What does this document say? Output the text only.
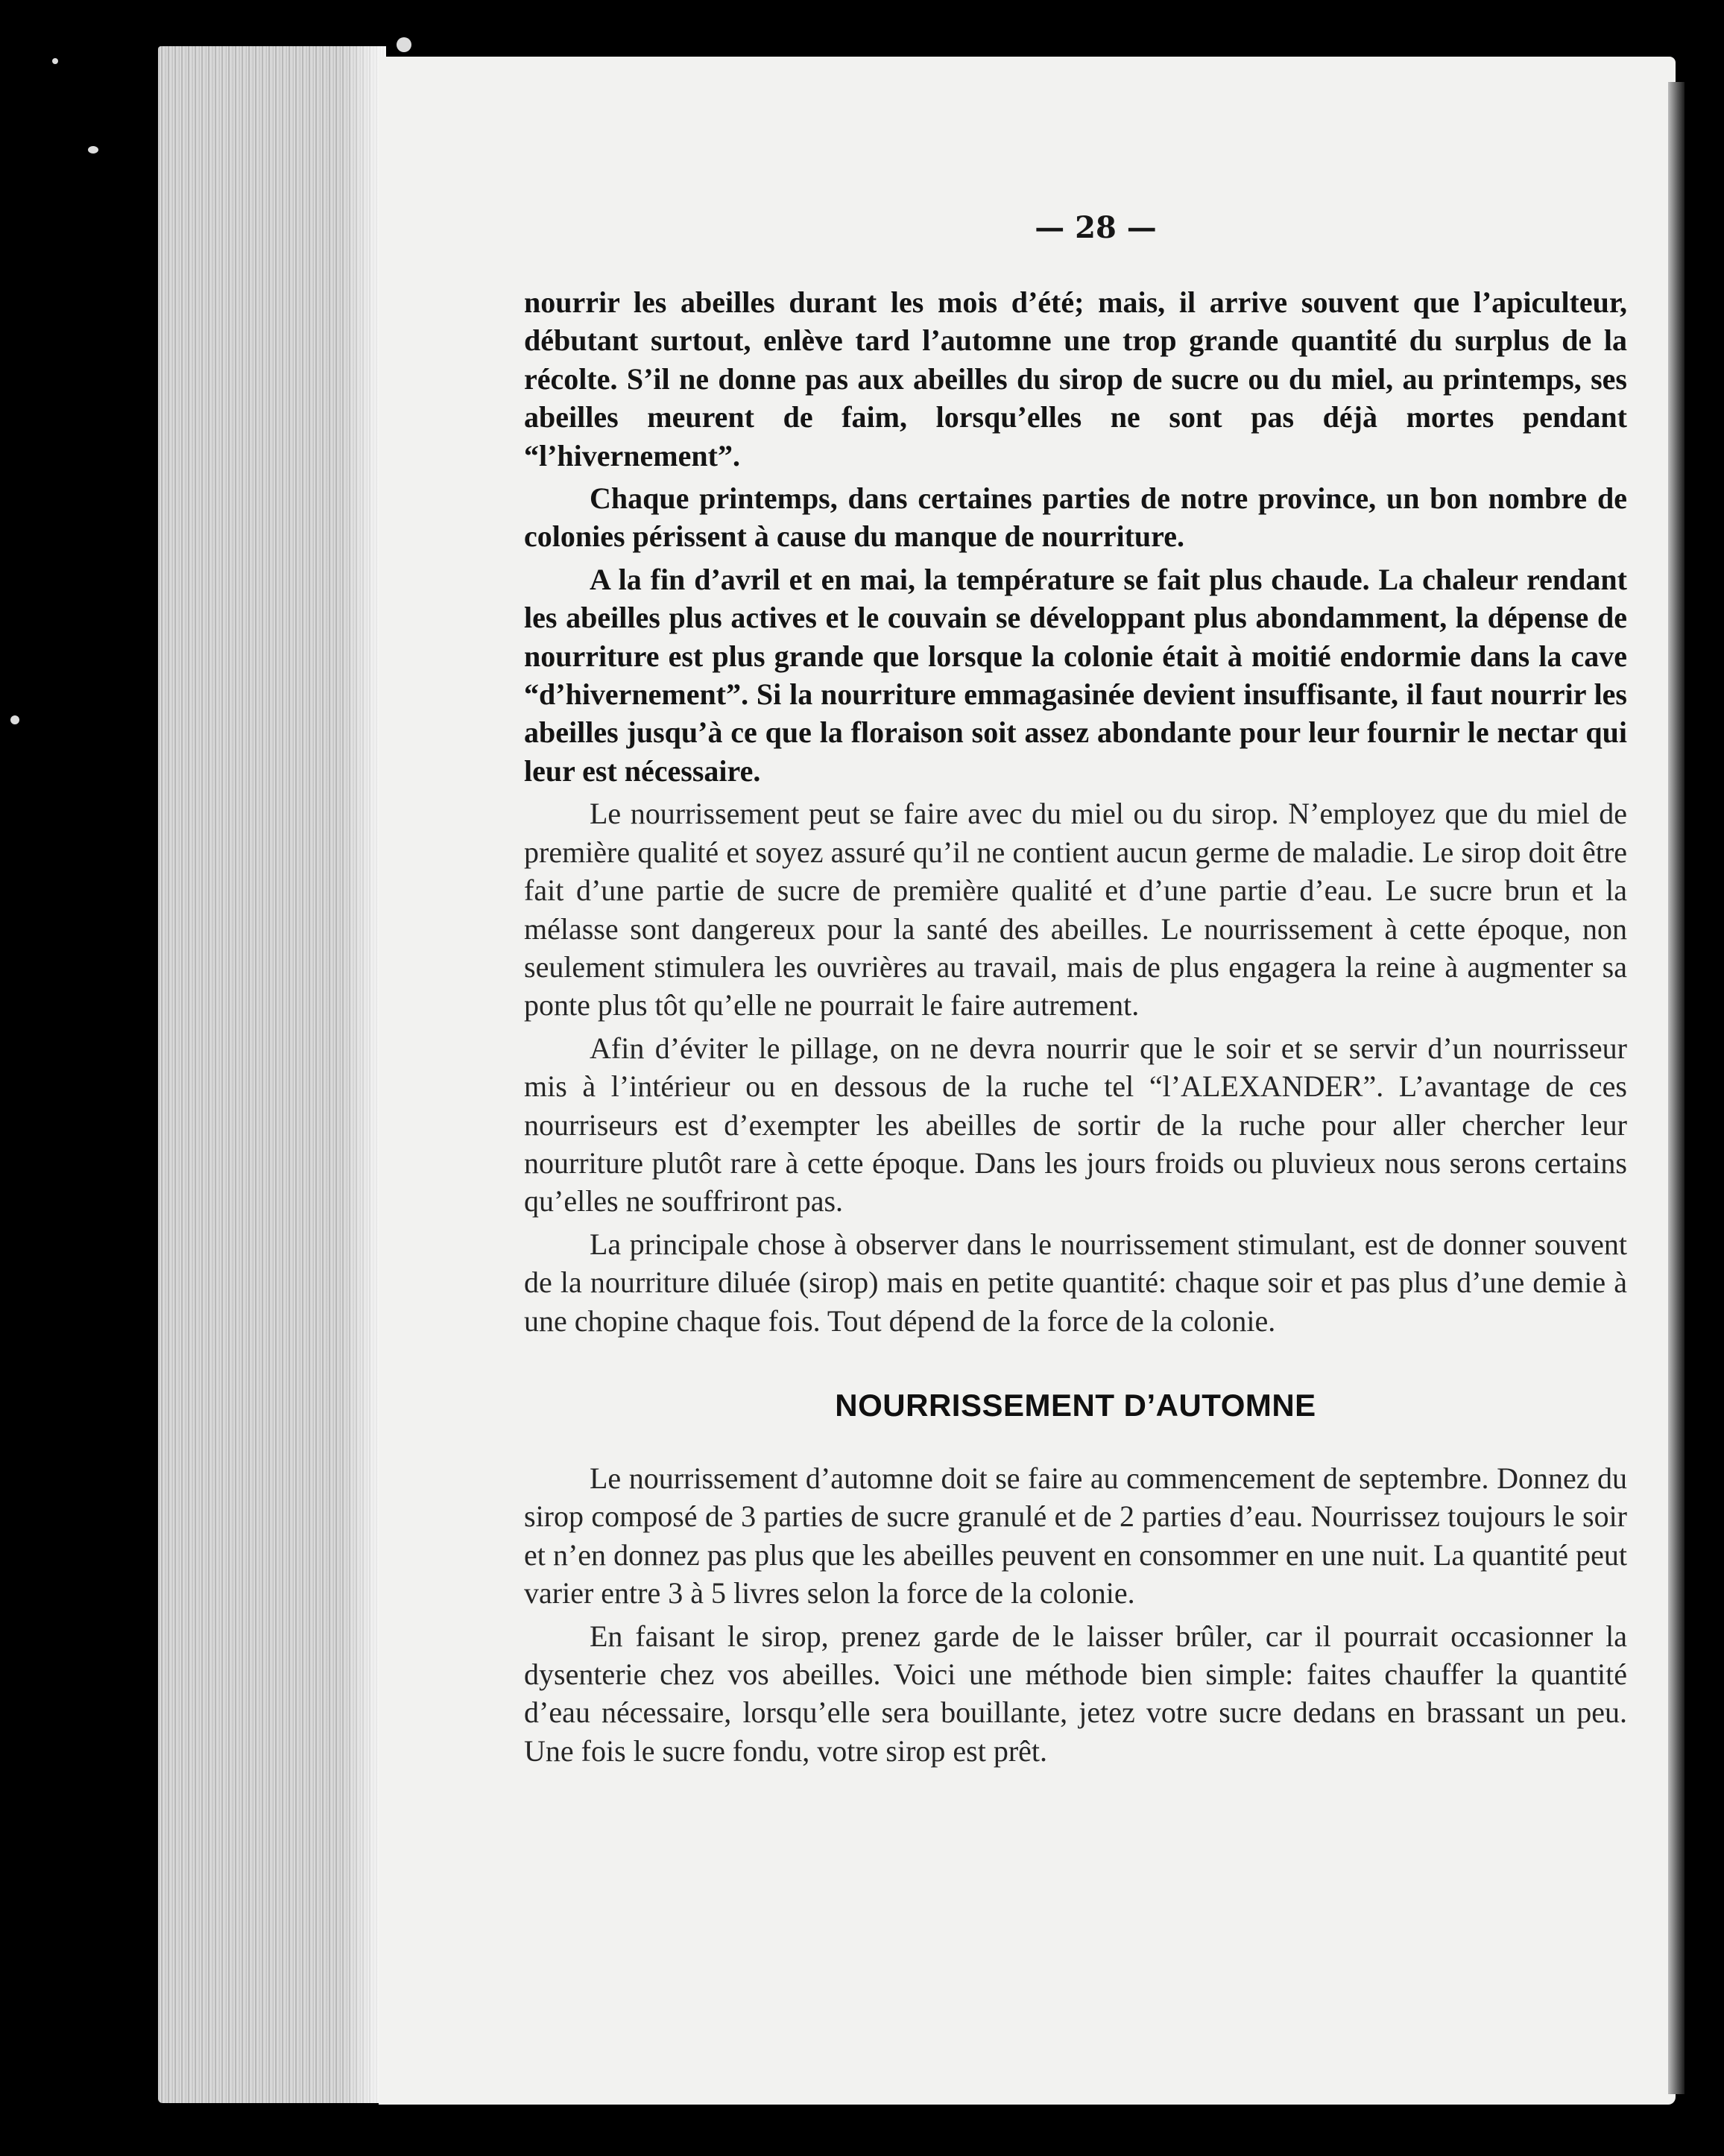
— 28 —

nourrir les abeilles durant les mois d’été; mais, il arrive souvent que l’apiculteur, débutant surtout, enlève tard l’automne une trop grande quantité du surplus de la récolte. S’il ne donne pas aux abeilles du sirop de sucre ou du miel, au printemps, ses abeilles meurent de faim, lorsqu’elles ne sont pas déjà mortes pendant “l’hivernement”.

Chaque printemps, dans certaines parties de notre province, un bon nombre de colonies périssent à cause du manque de nourriture.

A la fin d’avril et en mai, la température se fait plus chaude. La chaleur rendant les abeilles plus actives et le couvain se développant plus abondamment, la dépense de nourriture est plus grande que lorsque la colonie était à moitié endormie dans la cave “d’hivernement”. Si la nourriture emmagasinée devient insuffisante, il faut nourrir les abeilles jusqu’à ce que la floraison soit assez abondante pour leur fournir le nectar qui leur est nécessaire.

Le nourrissement peut se faire avec du miel ou du sirop. N’employez que du miel de première qualité et soyez assuré qu’il ne contient aucun germe de maladie. Le sirop doit être fait d’une partie de sucre de première qualité et d’une partie d’eau. Le sucre brun et la mélasse sont dangereux pour la santé des abeilles. Le nourrissement à cette époque, non seulement stimulera les ouvrières au travail, mais de plus engagera la reine à augmenter sa ponte plus tôt qu’elle ne pourrait le faire autrement.

Afin d’éviter le pillage, on ne devra nourrir que le soir et se servir d’un nourrisseur mis à l’intérieur ou en dessous de la ruche tel “l’ALEXANDER”. L’avantage de ces nourriseurs est d’exempter les abeilles de sortir de la ruche pour aller chercher leur nourriture plutôt rare à cette époque. Dans les jours froids ou pluvieux nous serons certains qu’elles ne souffriront pas.

La principale chose à observer dans le nourrissement stimulant, est de donner souvent de la nourriture diluée (sirop) mais en petite quantité: chaque soir et pas plus d’une demie à une chopine chaque fois. Tout dépend de la force de la colonie.

NOURRISSEMENT D’AUTOMNE

Le nourrissement d’automne doit se faire au commencement de septembre. Donnez du sirop composé de 3 parties de sucre granulé et de 2 parties d’eau. Nourrissez toujours le soir et n’en donnez pas plus que les abeilles peuvent en consommer en une nuit. La quantité peut varier entre 3 à 5 livres selon la force de la colonie.

En faisant le sirop, prenez garde de le laisser brûler, car il pourrait occasionner la dysenterie chez vos abeilles. Voici une méthode bien simple: faites chauffer la quantité d’eau nécessaire, lorsqu’elle sera bouillante, jetez votre sucre dedans en brassant un peu. Une fois le sucre fondu, votre sirop est prêt.
